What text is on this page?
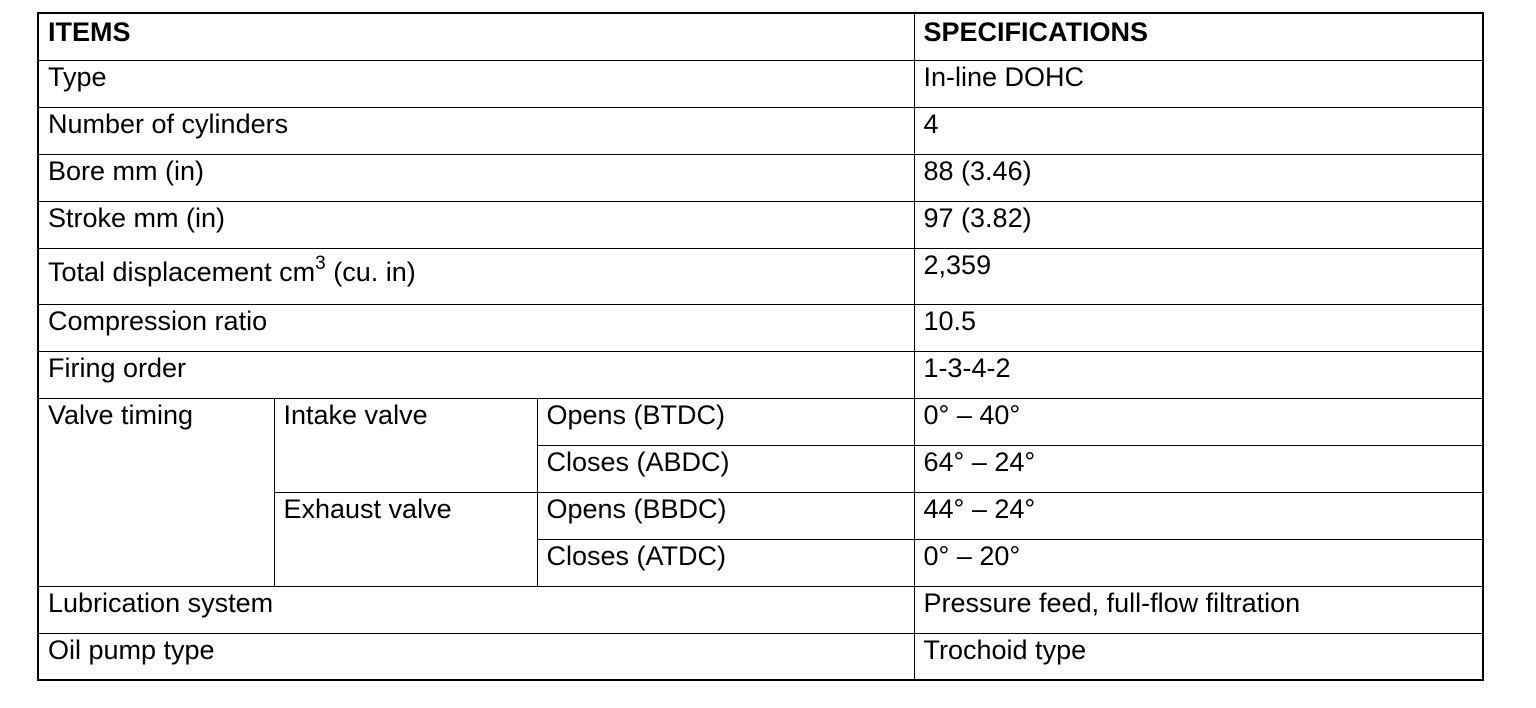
ITEMS			SPECIFICATIONS
Type			In-line DOHC
Number of cylinders			4
Bore mm (in)			88 (3.46)
Stroke mm (in)			97 (3.82)
Total displacement $cm^3$ (cu. in)			2,359
Compression ratio			10.5
Firing order			1-3-4-2
Valve timing	Intake valve	Opens (BTDC)	0° – 40°
		Closes (ABDC)	64° – 24°
	Exhaust valve	Opens (BBDC)	44° – 24°
		Closes (ATDC)	0° – 20°
Lubrication system			Pressure feed, full-flow filtration
Oil pump type			Trochoid type
